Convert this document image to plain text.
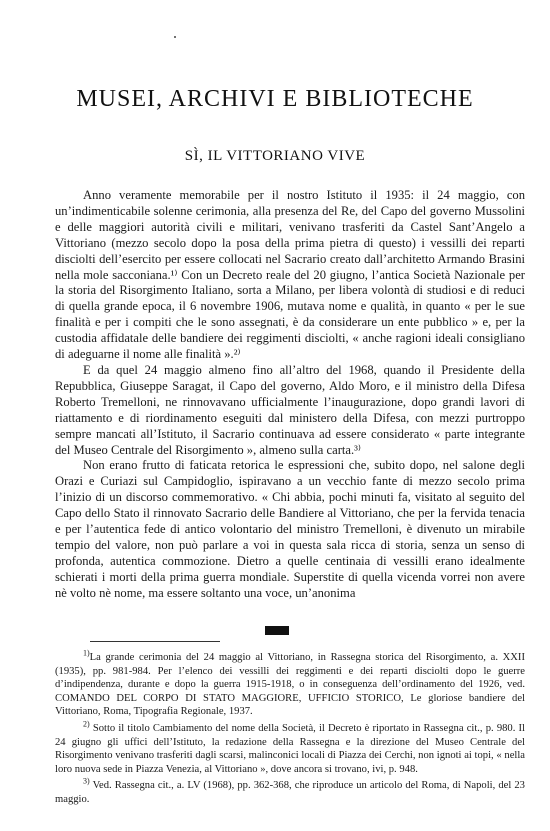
MUSEI, ARCHIVI E BIBLIOTECHE
SÌ, IL VITTORIANO VIVE

Anno veramente memorabile per il nostro Istituto il 1935: il 24 maggio, con un’indimenticabile solenne cerimonia, alla presenza del Re, del Capo del governo Mussolini e delle maggiori autorità civili e militari, venivano trasferiti da Castel Sant’Angelo a Vittoriano (mezzo secolo dopo la posa della prima pietra di questo) i vessilli dei reparti disciolti dell’esercito per essere collocati nel Sacrario creato dall’architetto Armando Brasini nella mole sacconiana.¹⁾ Con un Decreto reale del 20 giugno, l’antica Società Nazionale per la storia del Risorgimento Italiano, sorta a Milano, per libera volontà di studiosi e di reduci di quella grande epoca, il 6 novembre 1906, mutava nome e qualità, in quanto « per le sue finalità e per i compiti che le sono assegnati, è da considerare un ente pubblico » e, per la custodia affidatale delle bandiere dei reggimenti disciolti, « anche ragioni ideali consigliano di adeguarne il nome alle finalità ».²⁾

E da quel 24 maggio almeno fino all’altro del 1968, quando il Presidente della Repubblica, Giuseppe Saragat, il Capo del governo, Aldo Moro, e il ministro della Difesa Roberto Tremelloni, ne rinnovavano ufficialmente l’inaugurazione, dopo grandi lavori di riattamento e di riordinamento eseguiti dal ministero della Difesa, con mezzi purtroppo sempre mancati all’Istituto, il Sacrario continuava ad essere considerato « parte integrante del Museo Centrale del Risorgimento », almeno sulla carta.³⁾

Non erano frutto di faticata retorica le espressioni che, subito dopo, nel salone degli Orazi e Curiazi sul Campidoglio, ispiravano a un vecchio fante di mezzo secolo prima l’inizio di un discorso commemorativo. « Chi abbia, pochi minuti fa, visitato al seguito del Capo dello Stato il rinnovato Sacrario delle Bandiere al Vittoriano, che per la fervida tenacia e per l’autentica fede di antico volontario del ministro Tremelloni, è divenuto un mirabile tempio del valore, non può parlare a voi in questa sala ricca di storia, senza un senso di profonda, autentica commozione. Dietro a quelle centinaia di vessilli erano idealmente schierati i morti della prima guerra mondiale. Superstite di quella vicenda vorrei non avere nè volto nè nome, ma essere soltanto una voce, un’anonima

$^{1)}$La grande cerimonia del 24 maggio al Vittoriano, in Rassegna storica del Risorgimento, a. XXII (1935), pp. 981-984. Per l’elenco dei vessilli dei reggimenti e dei reparti disciolti dopo le guerre d’indipendenza, durante e dopo la guerra 1915-1918, o in conseguenza dell’ordinamento del 1926, ved. COMANDO DEL CORPO DI STATO MAGGIORE, UFFICIO STORICO, Le gloriose bandiere del Vittoriano, Roma, Tipografia Regionale, 1937.

$^{2)}$ Sotto il titolo Cambiamento del nome della Società, il Decreto è riportato in Rassegna cit., p. 980. Il 24 giugno gli uffici dell’Istituto, la redazione della Rassegna e la direzione del Museo Centrale del Risorgimento venivano trasferiti dagli scarsi, malinconici locali di Piazza dei Cerchi, non ignoti ai topi, « nella loro nuova sede in Piazza Venezia, al Vittoriano », dove ancora si trovano, ivi, p. 948.

$^{3)}$ Ved. Rassegna cit., a. LV (1968), pp. 362-368, che riproduce un articolo del Roma, di Napoli, del 23 maggio.
